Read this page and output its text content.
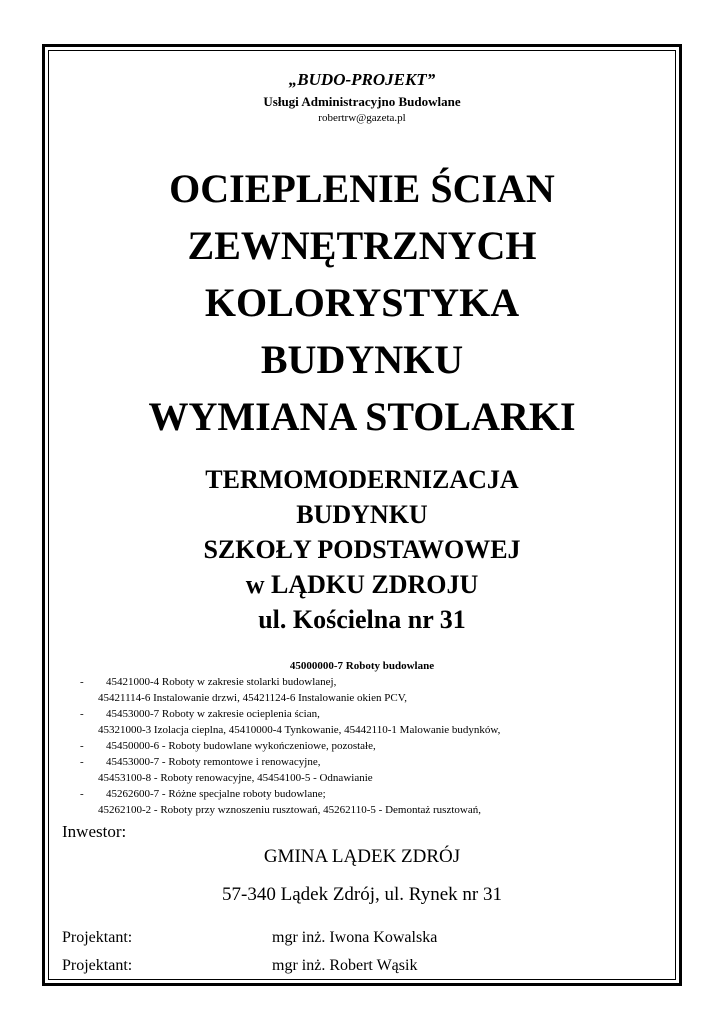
„BUDO-PROJEKT”
Usługi Administracyjno Budowlane
robertrw@gazeta.pl

OCIEPLENIE ŚCIAN

ZEWNĘTRZNYCH

KOLORYSTYKA

BUDYNKU

WYMIANA STOLARKI

TERMOMODERNIZACJA

BUDYNKU

SZKOŁY PODSTAWOWEJ

w LĄDKU ZDROJU

ul. Kościelna nr 31

45000000-7 Roboty budowlane
- 45421000-4 Roboty w zakresie stolarki budowlanej,
45421114-6 Instalowanie drzwi, 45421124-6 Instalowanie okien PCV,
- 45453000-7 Roboty w zakresie ocieplenia ścian,
45321000-3 Izolacja cieplna, 45410000-4 Tynkowanie, 45442110-1 Malowanie budynków,
- 45450000-6 - Roboty budowlane wykończeniowe, pozostałe,
- 45453000-7 - Roboty remontowe i renowacyjne,
45453100-8 - Roboty renowacyjne, 45454100-5 - Odnawianie
- 45262600-7 - Różne specjalne roboty budowlane;
45262100-2 - Roboty przy wznoszeniu rusztowań, 45262110-5 - Demontaż rusztowań,
Inwestor:
GMINA LĄDEK ZDRÓJ
57-340 Lądek Zdrój, ul. Rynek nr 31
Projektant:	mgr inż. Iwona Kowalska
Projektant:	mgr inż. Robert Wąsik
